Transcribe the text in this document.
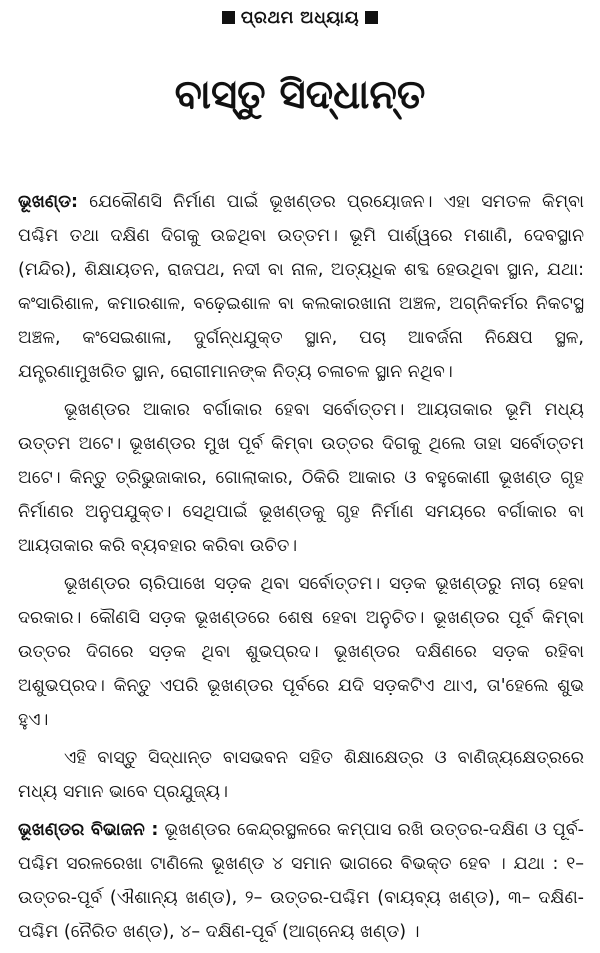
ପ୍ରଥମ ଅଧ୍ୟାୟ
ବାସ୍ତୁ ସିଦ୍ଧାନ୍ତ

ଭୂଖଣ୍ଡ: ଯେକୌଣସି ନିର୍ମାଣ ପାଇଁ ଭୂଖଣ୍ଡର ପ୍ରୟୋଜନ। ଏହା ସମତଳ କିମ୍ବା ପଶ୍ଚିମ ତଥା ଦକ୍ଷିଣ ଦିଗକୁ ଉଚ୍ଚଥିବା ଉତ୍ତମ। ଭୂମି ପାର୍ଶ୍ୱରେ ମଶାଣି, ଦେବସ୍ଥାନ (ମନ୍ଦିର), ଶିକ୍ଷାୟତନ, ରାଜପଥ, ନଦୀ ବା ନାଳ, ଅତ୍ୟଧିକ ଶବ୍ଦ ହେଉଥିବା ସ୍ଥାନ, ଯଥା: କଂସାରିଶାଳ, କମାରଶାଳ, ବଢ଼େଇଶାଳ ବା କଲକାରଖାନା ଅଞ୍ଚଳ, ଅଗ୍ନିକର୍ମର ନିକଟସ୍ଥ ଅଞ୍ଚଳ, କଂସେଇଶାଳା, ଦୁର୍ଗନ୍ଧଯୁକ୍ତ ସ୍ଥାନ, ପଚା ଆବର୍ଜନା ନିକ୍ଷେପ ସ୍ଥଳ, ଯନ୍ତ୍ରଣାମୁଖରିତ ସ୍ଥାନ, ରୋଗୀମାନଙ୍କ ନିତ୍ୟ ଚଳାଚଳ ସ୍ଥାନ ନଥିବ।

ଭୂଖଣ୍ଡର ଆକାର ବର୍ଗାକାର ହେବା ସର୍ବୋତ୍ତମ। ଆୟତାକାର ଭୂମି ମଧ୍ୟ ଉତ୍ତମ ଅଟେ। ଭୂଖଣ୍ଡର ମୁଖ ପୂର୍ବ କିମ୍ବା ଉତ୍ତର ଦିଗକୁ ଥିଲେ ତାହା ସର୍ବୋତ୍ତମ ଅଟେ। କିନ୍ତୁ ତ୍ରିଭୁଜାକାର, ଗୋଲାକାର, ଠିକିରି ଆକାର ଓ ବହୁକୋଣୀ ଭୂଖଣ୍ଡ ଗୃହ ନିର୍ମାଣର ଅନୁପଯୁକ୍ତ। ସେଥିପାଇଁ ଭୂଖଣ୍ଡକୁ ଗୃହ ନିର୍ମାଣ ସମୟରେ ବର୍ଗାକାର ବା ଆୟତାକାର କରି ବ୍ୟବହାର କରିବା ଉଚିତ।

ଭୂଖଣ୍ଡର ଚାରିପାଖେ ସଡ଼କ ଥିବା ସର୍ବୋତ୍ତମ। ସଡ଼କ ଭୂଖଣ୍ଡରୁ ନୀଚା ହେବା ଦରକାର। କୌଣସି ସଡ଼କ ଭୂଖଣ୍ଡରେ ଶେଷ ହେବା ଅନୁଚିତ। ଭୂଖଣ୍ଡର ପୂର୍ବ କିମ୍ବା ଉତ୍ତର ଦିଗରେ ସଡ଼କ ଥିବା ଶୁଭପ୍ରଦ। ଭୂଖଣ୍ଡର ଦକ୍ଷିଣରେ ସଡ଼କ ରହିବା ଅଶୁଭପ୍ରଦ। କିନ୍ତୁ ଏପରି ଭୂଖଣ୍ଡର ପୂର୍ବରେ ଯଦି ସଡ଼କଟିଏ ଥାଏ, ତା'ହେଲେ ଶୁଭ ହୁଏ।

ଏହି ବାସ୍ତୁ ସିଦ୍ଧାନ୍ତ ବାସଭବନ ସହିତ ଶିକ୍ଷାକ୍ଷେତ୍ର ଓ ବାଣିଜ୍ୟକ୍ଷେତ୍ରରେ ମଧ୍ୟ ସମାନ ଭାବେ ପ୍ରଯୁଜ୍ୟ।

ଭୂଖଣ୍ଡର ବିଭାଜନ : ଭୂଖଣ୍ଡର କେନ୍ଦ୍ରସ୍ଥଳରେ କମ୍ପାସ ରଖି ଉତ୍ତର-ଦକ୍ଷିଣ ଓ ପୂର୍ବ-ପଶ୍ଚିମ ସରଳରେଖା ଟାଣିଲେ ଭୂଖଣ୍ଡ ୪ ସମାନ ଭାଗରେ ବିଭକ୍ତ ହେବ । ଯଥା : ୧– ଉତ୍ତର-ପୂର୍ବ (ଐଶାନ୍ୟ ଖଣ୍ଡ), ୨– ଉତ୍ତର-ପଶ୍ଚିମ (ବାୟବ୍ୟ ଖଣ୍ଡ), ୩– ଦକ୍ଷିଣ-ପଶ୍ଚିମ (ନୈରିତ ଖଣ୍ଡ), ୪– ଦକ୍ଷିଣ-ପୂର୍ବ (ଆଗ୍ନେୟ ଖଣ୍ଡ) ।
